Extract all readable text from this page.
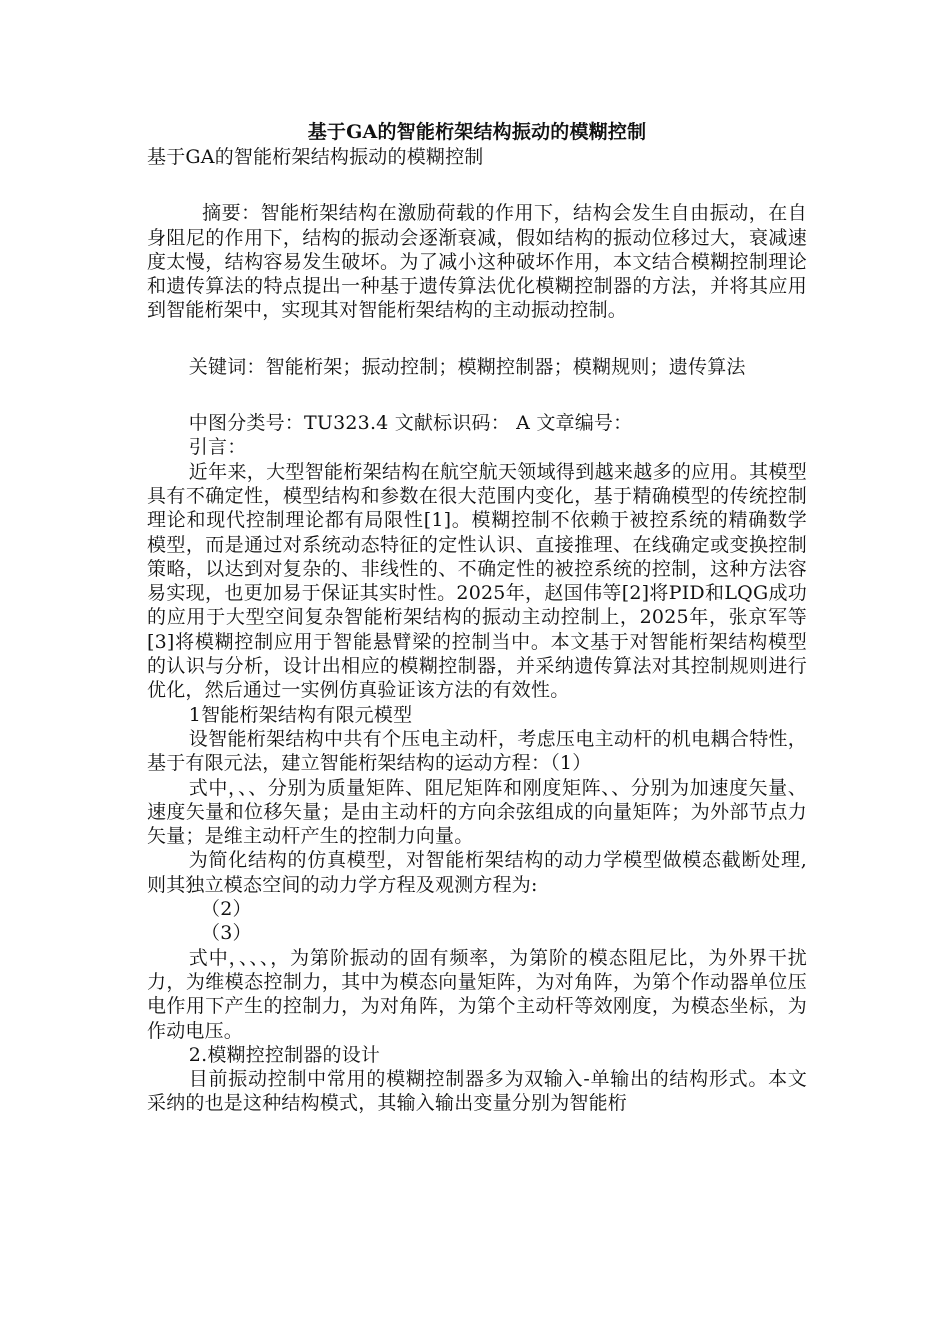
基于GA的智能桁架结构振动的模糊控制

基于GA的智能桁架结构振动的模糊控制

摘要：智能桁架结构在激励荷载的作用下，结构会发生自由振动，在自身阻尼的作用下，结构的振动会逐渐衰减，假如结构的振动位移过大，衰减速度太慢，结构容易发生破坏。为了减小这种破坏作用，本文结合模糊控制理论和遗传算法的特点提出一种基于遗传算法优化模糊控制器的方法，并将其应用到智能桁架中，实现其对智能桁架结构的主动振动控制。

关键词：智能桁架；振动控制；模糊控制器；模糊规则；遗传算法

中图分类号：TU323.4 文献标识码： A 文章编号：

引言：

近年来，大型智能桁架结构在航空航天领域得到越来越多的应用。其模型具有不确定性，模型结构和参数在很大范围内变化，基于精确模型的传统控制理论和现代控制理论都有局限性[1]。模糊控制不依赖于被控系统的精确数学模型，而是通过对系统动态特征的定性认识、直接推理、在线确定或变换控制策略，以达到对复杂的、非线性的、不确定性的被控系统的控制，这种方法容易实现，也更加易于保证其实时性。2025年，赵国伟等[2]将PID和LQG成功的应用于大型空间复杂智能桁架结构的振动主动控制上，2025年，张京军等[3]将模糊控制应用于智能悬臂梁的控制当中。本文基于对智能桁架结构模型的认识与分析，设计出相应的模糊控制器，并采纳遗传算法对其控制规则进行优化，然后通过一实例仿真验证该方法的有效性。

1智能桁架结构有限元模型

设智能桁架结构中共有个压电主动杆，考虑压电主动杆的机电耦合特性，基于有限元法，建立智能桁架结构的运动方程：（1）

式中，、、分别为质量矩阵、阻尼矩阵和刚度矩阵、、分别为加速度矢量、速度矢量和位移矢量；是由主动杆的方向余弦组成的向量矩阵；为外部节点力矢量；是维主动杆产生的控制力向量。

为简化结构的仿真模型，对智能桁架结构的动力学模型做模态截断处理,则其独立模态空间的动力学方程及观测方程为:

（2）

（3）

式中，、、、，为第阶振动的固有频率，为第阶的模态阻尼比，为外界干扰力，为维模态控制力，其中为模态向量矩阵，为对角阵，为第个作动器单位压电作用下产生的控制力，为对角阵，为第个主动杆等效刚度，为模态坐标，为作动电压。

2.模糊控控制器的设计

目前振动控制中常用的模糊控制器多为双输入-单输出的结构形式。本文采纳的也是这种结构模式，其输入输出变量分别为智能桁
